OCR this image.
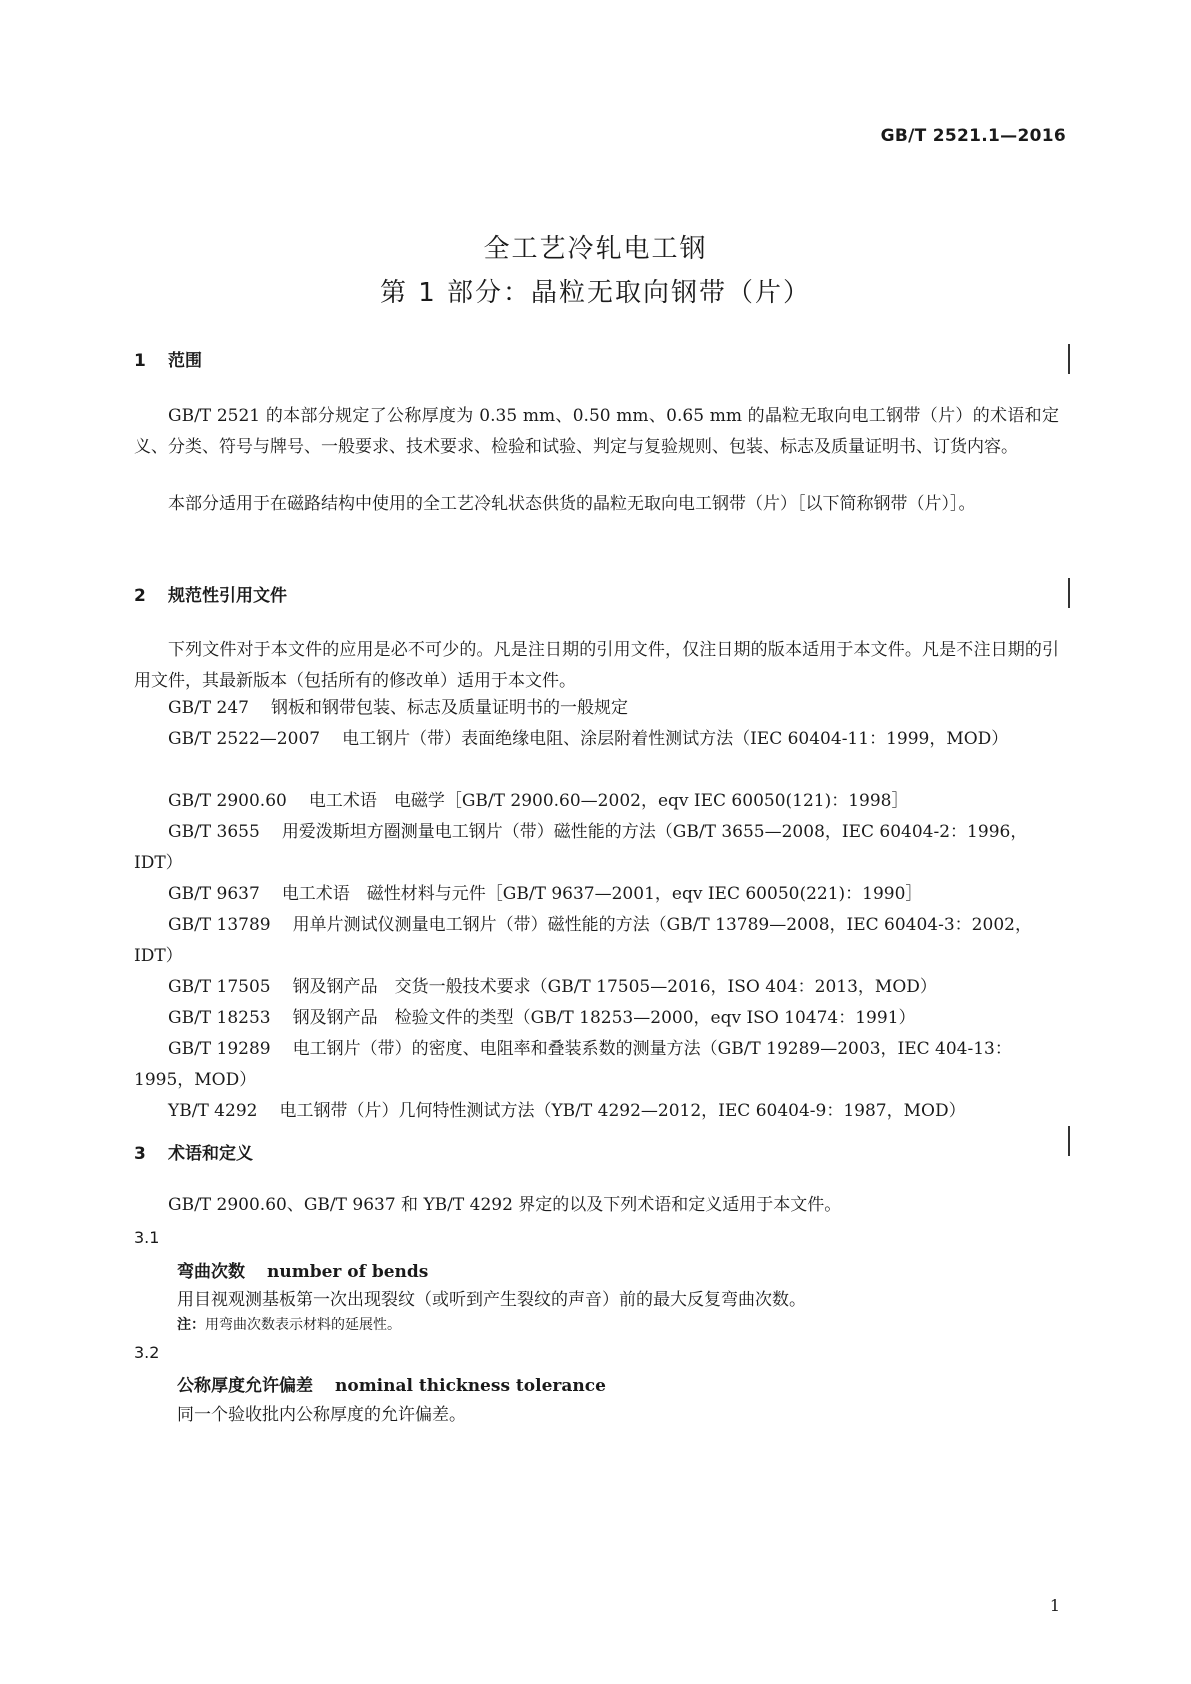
GB/T 2521.1—2016
全工艺冷轧电工钢
第 1 部分：晶粒无取向钢带（片）
1 范围
GB/T 2521 的本部分规定了公称厚度为 0.35 mm、0.50 mm、0.65 mm 的晶粒无取向电工钢带（片）的术语和定义、分类、符号与牌号、一般要求、技术要求、检验和试验、判定与复验规则、包装、标志及质量证明书、订货内容。
本部分适用于在磁路结构中使用的全工艺冷轧状态供货的晶粒无取向电工钢带（片）［以下简称钢带（片）］。
2 规范性引用文件
下列文件对于本文件的应用是必不可少的。凡是注日期的引用文件，仅注日期的版本适用于本文件。凡是不注日期的引用文件，其最新版本（包括所有的修改单）适用于本文件。
GB/T 247 钢板和钢带包装、标志及质量证明书的一般规定
GB/T 2522—2007 电工钢片（带）表面绝缘电阻、涂层附着性测试方法（IEC 60404-11：1999，MOD）
GB/T 2900.60 电工术语　电磁学［GB/T 2900.60—2002，eqv IEC 60050(121)：1998］
GB/T 3655 用爱泼斯坦方圈测量电工钢片（带）磁性能的方法（GB/T 3655—2008，IEC 60404-2：1996，IDT）
GB/T 9637 电工术语　磁性材料与元件［GB/T 9637—2001，eqv IEC 60050(221)：1990］
GB/T 13789 用单片测试仪测量电工钢片（带）磁性能的方法（GB/T 13789—2008，IEC 60404-3：2002，IDT）
GB/T 17505 钢及钢产品　交货一般技术要求（GB/T 17505—2016，ISO 404：2013，MOD）
GB/T 18253 钢及钢产品　检验文件的类型（GB/T 18253—2000，eqv ISO 10474：1991）
GB/T 19289 电工钢片（带）的密度、电阻率和叠装系数的测量方法（GB/T 19289—2003，IEC 404-13：1995，MOD）
YB/T 4292 电工钢带（片）几何特性测试方法（YB/T 4292—2012，IEC 60404-9：1987，MOD）
3 术语和定义
GB/T 2900.60、GB/T 9637 和 YB/T 4292 界定的以及下列术语和定义适用于本文件。
3.1
弯曲次数 number of bends
用目视观测基板第一次出现裂纹（或听到产生裂纹的声音）前的最大反复弯曲次数。
注：用弯曲次数表示材料的延展性。
3.2
公称厚度允许偏差 nominal thickness tolerance
同一个验收批内公称厚度的允许偏差。
1
